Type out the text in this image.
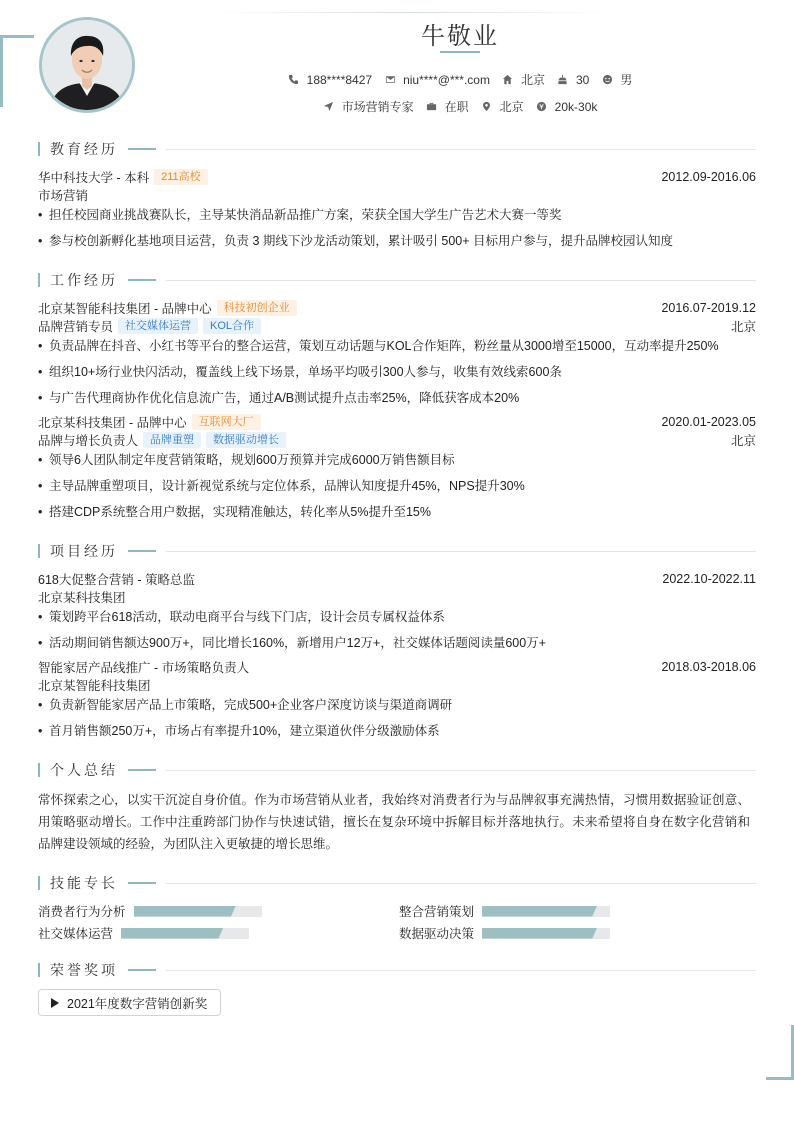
牛敬业
188****8427	niu****@***.com	北京	30	男
市场营销专家	在职	北京	20k-30k
教育经历
华中科技大学 - 本科	211高校	2012.09-2016.06
市场营销
• 担任校园商业挑战赛队长，主导某快消品新品推广方案，荣获全国大学生广告艺术大赛一等奖
• 参与校创新孵化基地项目运营，负责 3 期线下沙龙活动策划，累计吸引 500+ 目标用户参与，提升品牌校园认知度
工作经历
北京某智能科技集团 - 品牌中心	科技初创企业	2016.07-2019.12
品牌营销专员	社交媒体运营	KOL合作	北京
• 负责品牌在抖音、小红书等平台的整合运营，策划互动话题与KOL合作矩阵，粉丝量从3000增至15000，互动率提升250%
• 组织10+场行业快闪活动，覆盖线上线下场景，单场平均吸引300人参与，收集有效线索600条
• 与广告代理商协作优化信息流广告，通过A/B测试提升点击率25%，降低获客成本20%
北京某科技集团 - 品牌中心	互联网大厂	2020.01-2023.05
品牌与增长负责人	品牌重塑	数据驱动增长	北京
• 领导6人团队制定年度营销策略，规划600万预算并完成6000万销售额目标
• 主导品牌重塑项目，设计新视觉系统与定位体系，品牌认知度提升45%，NPS提升30%
• 搭建CDP系统整合用户数据，实现精准触达，转化率从5%提升至15%
项目经历
618大促整合营销 - 策略总监	2022.10-2022.11
北京某科技集团
• 策划跨平台618活动，联动电商平台与线下门店，设计会员专属权益体系
• 活动期间销售额达900万+，同比增长160%，新增用户12万+，社交媒体话题阅读量600万+
智能家居产品线推广 - 市场策略负责人	2018.03-2018.06
北京某智能科技集团
• 负责新智能家居产品上市策略，完成500+企业客户深度访谈与渠道商调研
• 首月销售额250万+，市场占有率提升10%，建立渠道伙伴分级激励体系
个人总结
常怀探索之心，以实干沉淀自身价值。作为市场营销从业者，我始终对消费者行为与品牌叙事充满热情，习惯用数据验证创意、用策略驱动增长。工作中注重跨部门协作与快速试错，擅长在复杂环境中拆解目标并落地执行。未来希望将自身在数字化营销和品牌建设领域的经验，为团队注入更敏捷的增长思维。
技能专长
消费者行为分析	整合营销策划
社交媒体运营	数据驱动决策
荣誉奖项
2021年度数字营销创新奖
